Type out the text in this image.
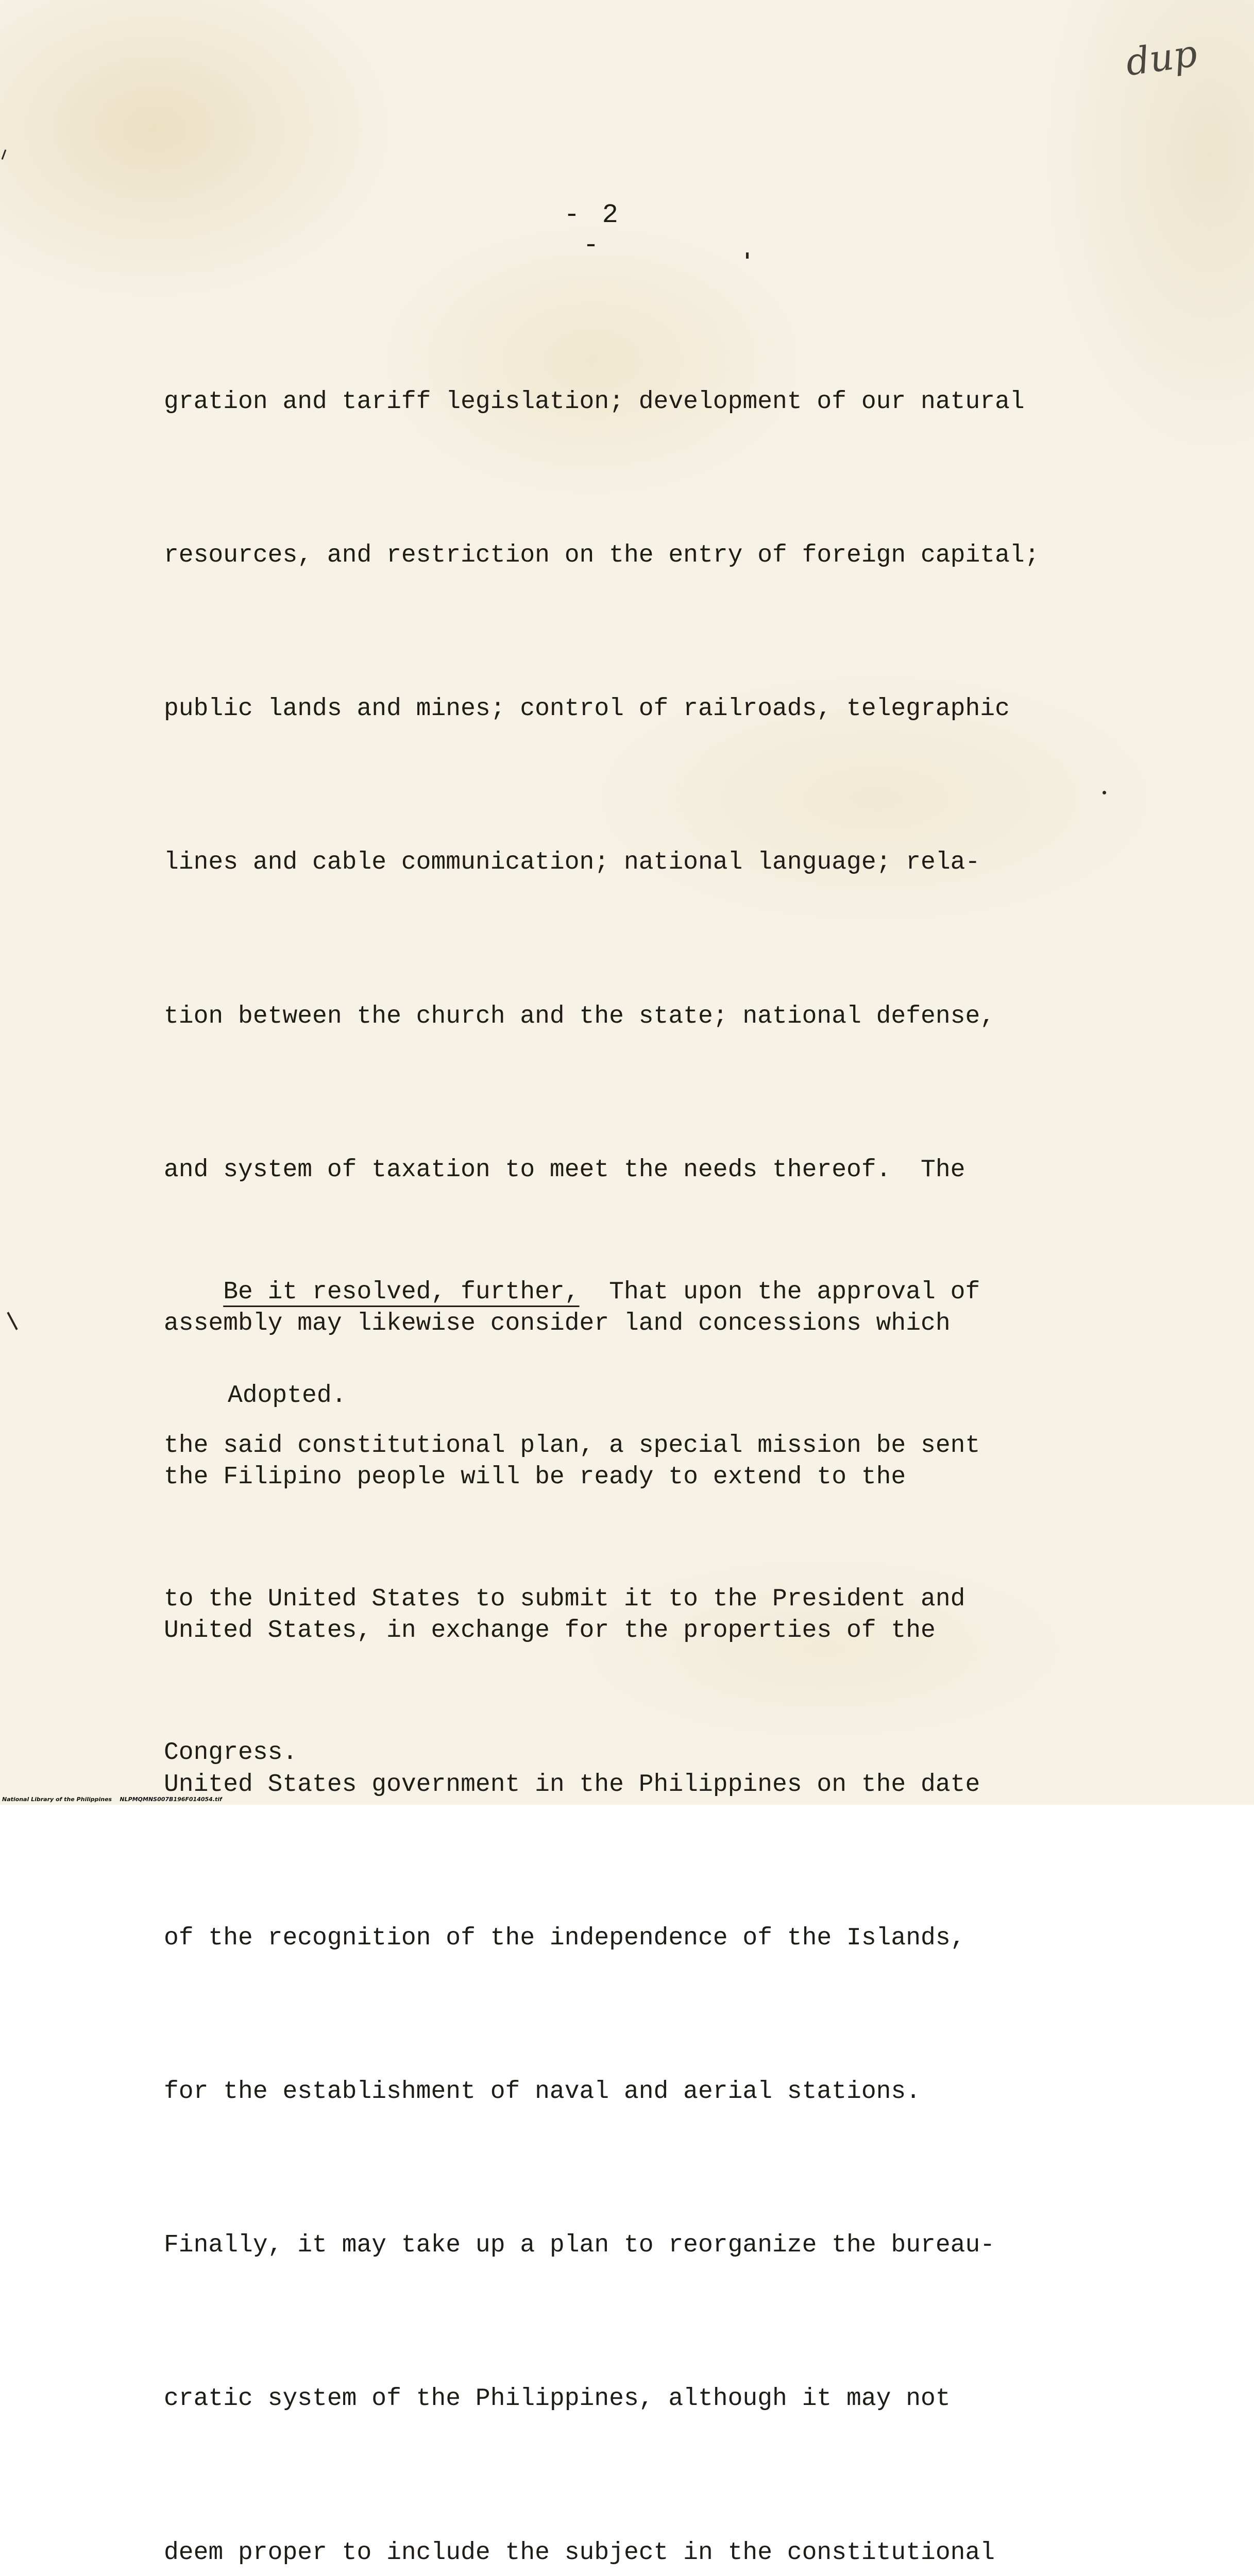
dup
- 2 -

gration and tariff legislation; development of our natural

resources, and restriction on the entry of foreign capital;

public lands and mines; control of railroads, telegraphic

lines and cable communication; national language; rela-

tion between the church and the state; national defense,

and system of taxation to meet the needs thereof.  The

assembly may likewise consider land concessions which

the Filipino people will be ready to extend to the

United States, in exchange for the properties of the

United States government in the Philippines on the date

of the recognition of the independence of the Islands,

for the establishment of naval and aerial stations.

Finally, it may take up a plan to reorganize the bureau-

cratic system of the Philippines, although it may not

deem proper to include the subject in the constitutional

Be it resolved, further,  That upon the approval of

the said constitutional plan, a special mission be sent

to the United States to submit it to the President and

Congress.

Adopted.
National Library of the Philippines    NLPMQMNS007B196F014054.tif
